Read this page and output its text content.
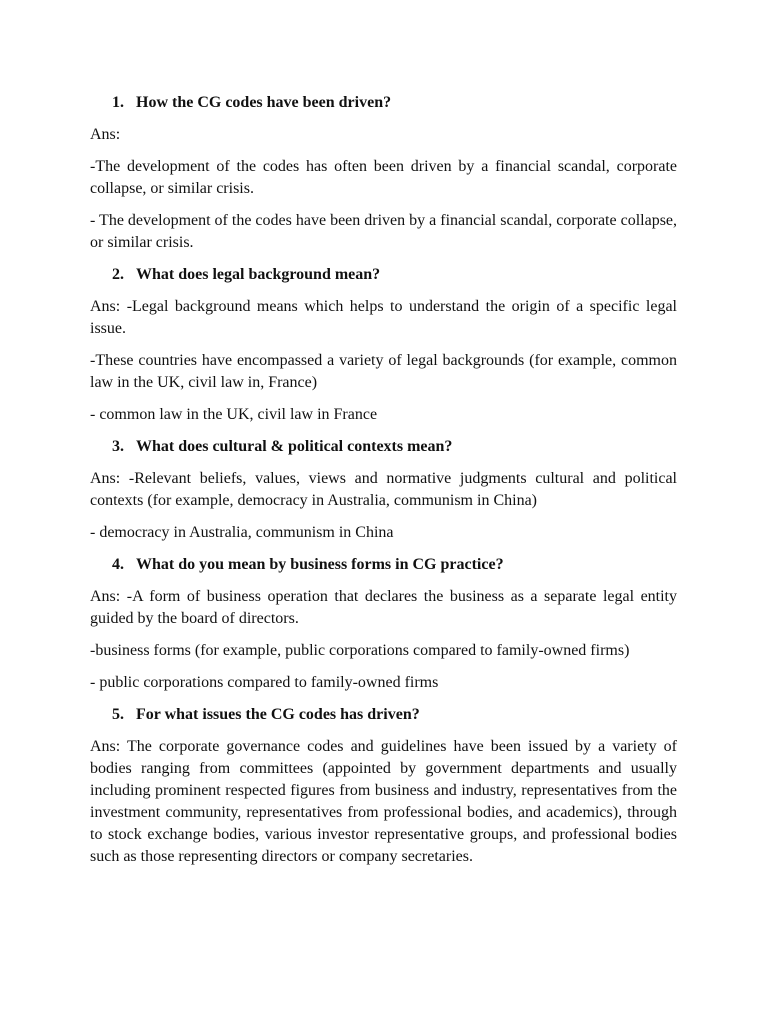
1. How the CG codes have been driven?

Ans:

-The development of the codes has often been driven by a financial scandal, corporate collapse, or similar crisis.

- The development of the codes have been driven by a financial scandal, corporate collapse, or similar crisis.

2. What does legal background mean?

Ans: -Legal background means which helps to understand the origin of a specific legal issue.

-These countries have encompassed a variety of legal backgrounds (for example, common law in the UK, civil law in, France)

- common law in the UK, civil law in France

3. What does cultural & political contexts mean?

Ans: -Relevant beliefs, values, views and normative judgments cultural and political contexts (for example, democracy in Australia, communism in China)

- democracy in Australia, communism in China

4. What do you mean by business forms in CG practice?

Ans: -A form of business operation that declares the business as a separate legal entity guided by the board of directors.

-business forms (for example, public corporations compared to family-owned firms)

- public corporations compared to family-owned firms

5. For what issues the CG codes has driven?

Ans: The corporate governance codes and guidelines have been issued by a variety of bodies ranging from committees (appointed by government departments and usually including prominent respected figures from business and industry, representatives from the investment community, representatives from professional bodies, and academics), through to stock exchange bodies, various investor representative groups, and professional bodies such as those representing directors or company secretaries.
